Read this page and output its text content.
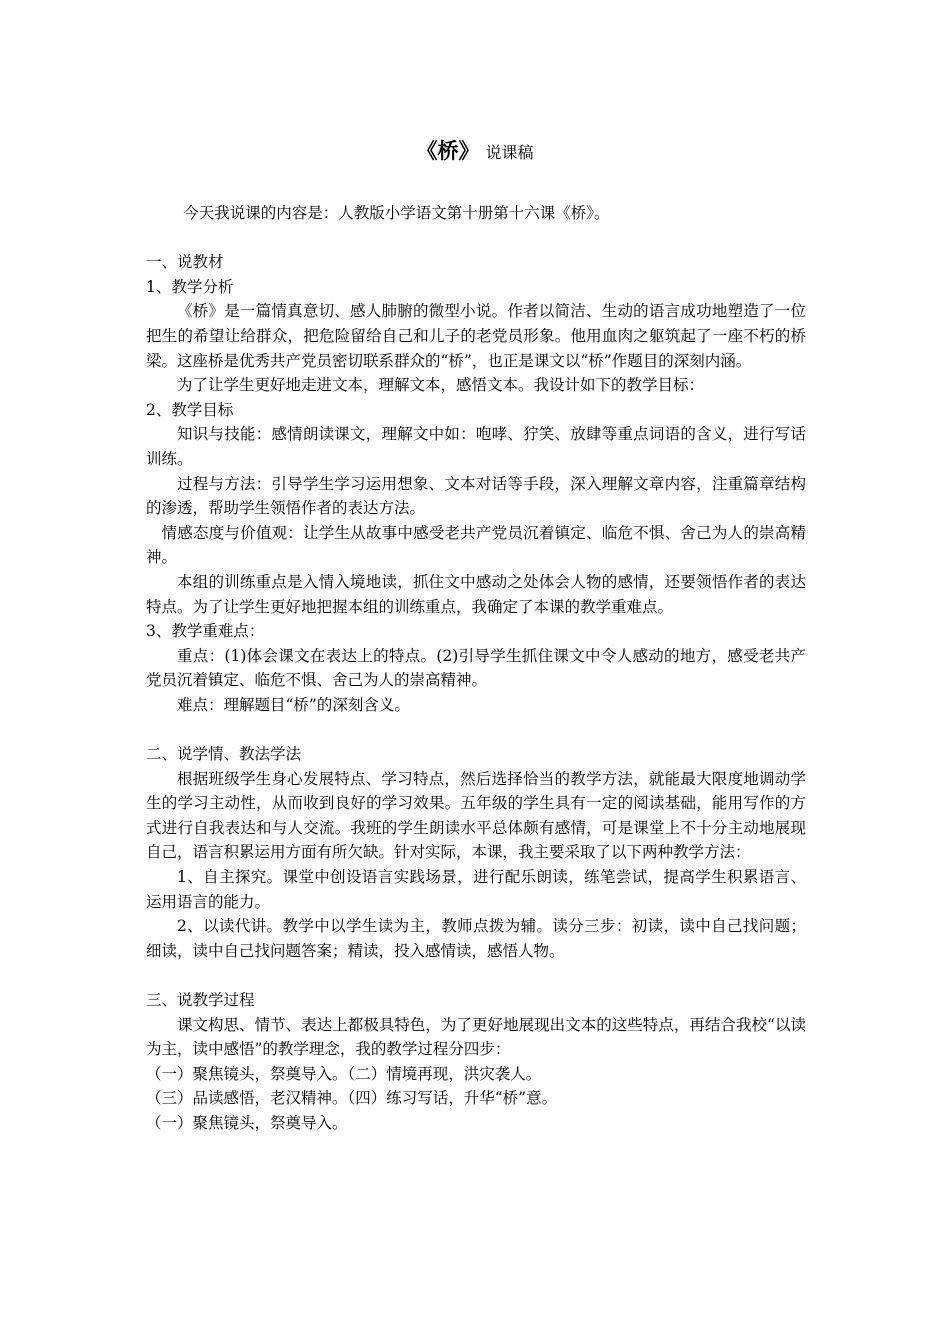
《桥》 说课稿

今天我说课的内容是：人教版小学语文第十册第十六课《桥》。

一、说教材

1、教学分析

《桥》是一篇情真意切、感人肺腑的微型小说。作者以简洁、生动的语言成功地塑造了一位把生的希望让给群众，把危险留给自己和儿子的老党员形象。他用血肉之躯筑起了一座不朽的桥梁。这座桥是优秀共产党员密切联系群众的“桥”，也正是课文以“桥”作题目的深刻内涵。

为了让学生更好地走进文本，理解文本，感悟文本。我设计如下的教学目标：

2、教学目标

知识与技能：感情朗读课文，理解文中如：咆哮、狞笑、放肆等重点词语的含义，进行写话训练。

过程与方法：引导学生学习运用想象、文本对话等手段，深入理解文章内容，注重篇章结构的渗透，帮助学生领悟作者的表达方法。

情感态度与价值观：让学生从故事中感受老共产党员沉着镇定、临危不惧、舍己为人的崇高精神。

本组的训练重点是入情入境地读，抓住文中感动之处体会人物的感情，还要领悟作者的表达特点。为了让学生更好地把握本组的训练重点，我确定了本课的教学重难点。

3、教学重难点：

重点：(1)体会课文在表达上的特点。(2)引导学生抓住课文中令人感动的地方，感受老共产党员沉着镇定、临危不惧、舍己为人的崇高精神。

难点：理解题目“桥”的深刻含义。

二、说学情、教法学法

根据班级学生身心发展特点、学习特点，然后选择恰当的教学方法，就能最大限度地调动学生的学习主动性，从而收到良好的学习效果。五年级的学生具有一定的阅读基础，能用写作的方式进行自我表达和与人交流。我班的学生朗读水平总体颇有感情，可是课堂上不十分主动地展现自己，语言积累运用方面有所欠缺。针对实际，本课，我主要采取了以下两种教学方法：

1、自主探究。课堂中创设语言实践场景，进行配乐朗读，练笔尝试，提高学生积累语言、运用语言的能力。

2、以读代讲。教学中以学生读为主，教师点拨为辅。读分三步：初读，读中自己找问题；细读，读中自己找问题答案；精读，投入感情读，感悟人物。

三、说教学过程

课文构思、情节、表达上都极具特色，为了更好地展现出文本的这些特点，再结合我校“以读为主，读中感悟”的教学理念，我的教学过程分四步：

（一）聚焦镜头，祭奠导入。（二）情境再现，洪灾袭人。

（三）品读感悟，老汉精神。（四）练习写话，升华“桥”意。

（一）聚焦镜头，祭奠导入。
